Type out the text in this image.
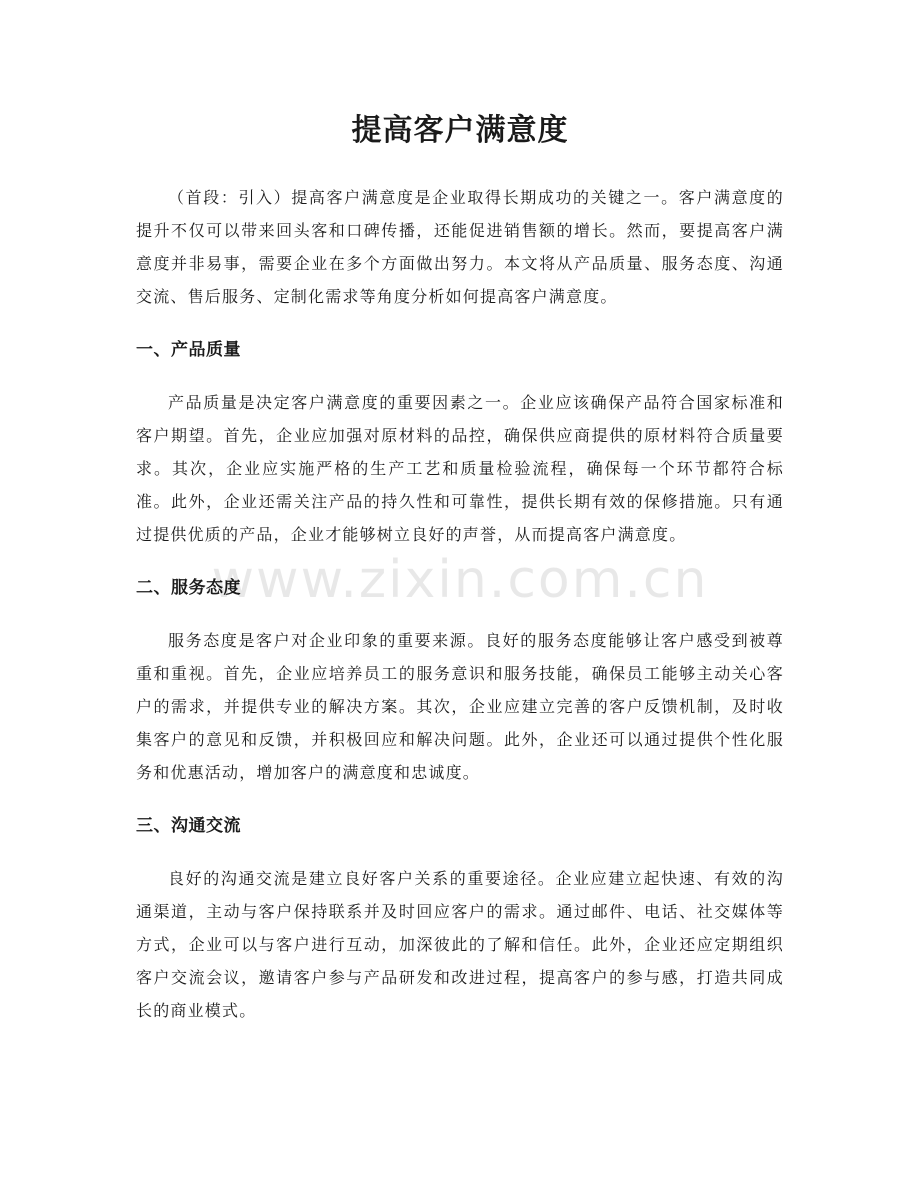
提高客户满意度

（首段：引入）提高客户满意度是企业取得长期成功的关键之一。客户满意度的提升不仅可以带来回头客和口碑传播，还能促进销售额的增长。然而，要提高客户满意度并非易事，需要企业在多个方面做出努力。本文将从产品质量、服务态度、沟通交流、售后服务、定制化需求等角度分析如何提高客户满意度。

一、产品质量

产品质量是决定客户满意度的重要因素之一。企业应该确保产品符合国家标准和客户期望。首先，企业应加强对原材料的品控，确保供应商提供的原材料符合质量要求。其次，企业应实施严格的生产工艺和质量检验流程，确保每一个环节都符合标准。此外，企业还需关注产品的持久性和可靠性，提供长期有效的保修措施。只有通过提供优质的产品，企业才能够树立良好的声誉，从而提高客户满意度。

二、服务态度

服务态度是客户对企业印象的重要来源。良好的服务态度能够让客户感受到被尊重和重视。首先，企业应培养员工的服务意识和服务技能，确保员工能够主动关心客户的需求，并提供专业的解决方案。其次，企业应建立完善的客户反馈机制，及时收集客户的意见和反馈，并积极回应和解决问题。此外，企业还可以通过提供个性化服务和优惠活动，增加客户的满意度和忠诚度。

三、沟通交流

良好的沟通交流是建立良好客户关系的重要途径。企业应建立起快速、有效的沟通渠道，主动与客户保持联系并及时回应客户的需求。通过邮件、电话、社交媒体等方式，企业可以与客户进行互动，加深彼此的了解和信任。此外，企业还应定期组织客户交流会议，邀请客户参与产品研发和改进过程，提高客户的参与感，打造共同成长的商业模式。

www.zixin.com.cn
